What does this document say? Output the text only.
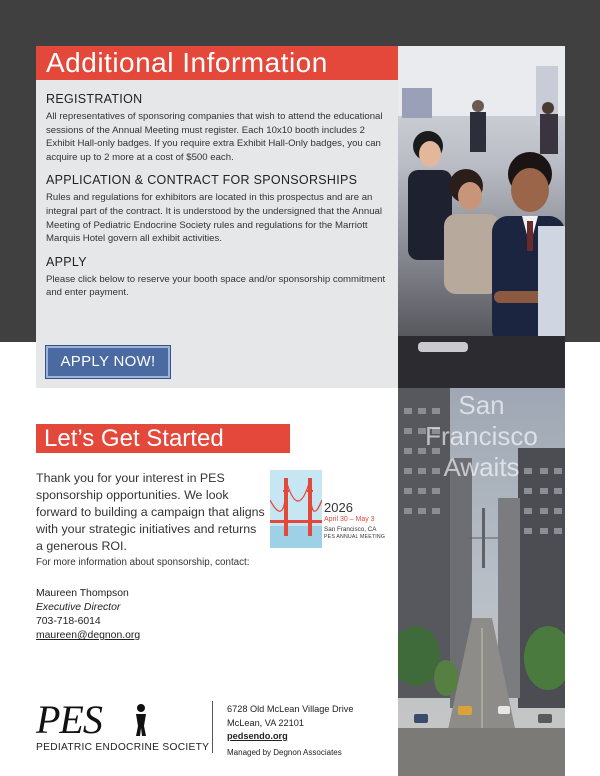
Additional Information
REGISTRATION
All representatives of sponsoring companies that wish to attend the educational sessions of the Annual Meeting must register. Each 10x10 booth includes 2 Exhibit Hall-only badges. If you require extra Exhibit Hall-Only badges, you can acquire up to 2 more at a cost of $500 each.
APPLICATION & CONTRACT FOR SPONSORSHIPS
Rules and regulations for exhibitors are located in this prospectus and are an integral part of the contract. It is understood by the undersigned that the Annual Meeting of Pediatric Endocrine Society rules and regulations for the Marriott Marquis Hotel govern all exhibit activities.
APPLY
Please click below to reserve your booth space and/or sponsorship commitment and enter payment.
APPLY NOW!
San
Francisco
Awaits
Let’s Get Started
Thank you for your interest in PES sponsorship opportunities. We look forward to building a campaign that aligns with your strategic initiatives and returns a generous ROI.
For more information about sponsorship, contact:
Maureen Thompson
Executive Director
703-718-6014
maureen@degnon.org
2026
April 30 – May 3
San Francisco, CA
PES ANNUAL MEETING
PES
PEDIATRIC ENDOCRINE SOCIETY
6728 Old McLean Village Drive
McLean, VA 22101
pedsendo.org
Managed by Degnon Associates
